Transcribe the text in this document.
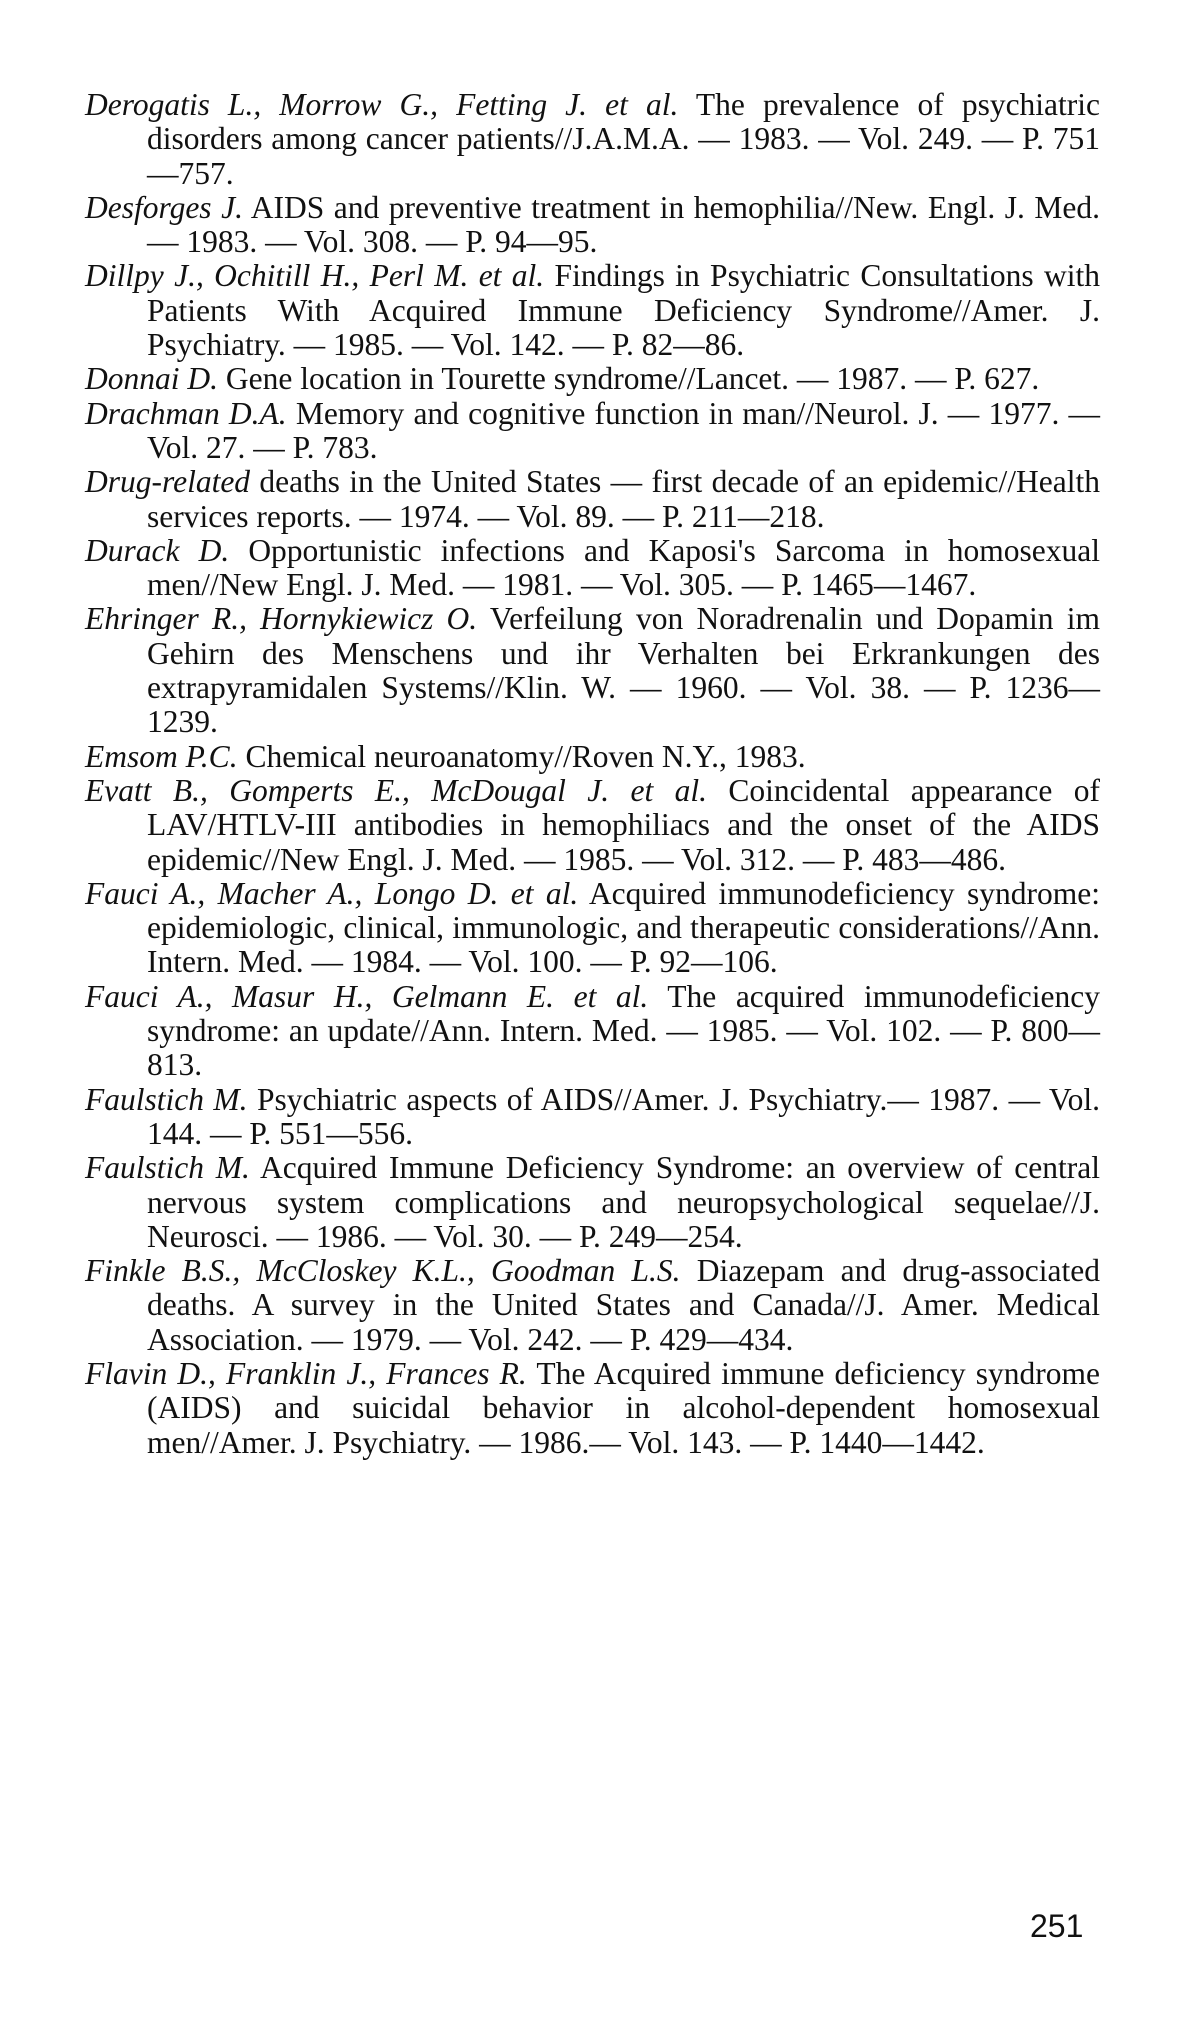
Derogatis L., Morrow G., Fetting J. et al. The prevalence of psychiatric disorders among cancer patients//J.A.M.A. — 1983. — Vol. 249. — P. 751—757.
Desforges J. AIDS and preventive treatment in hemophilia//New. Engl. J. Med. — 1983. — Vol. 308. — P. 94—95.
Dillpy J., Ochitill H., Perl M. et al. Findings in Psychiatric Consultations with Patients With Acquired Immune Deficiency Syndrome//Amer. J. Psychiatry. — 1985. — Vol. 142. — P. 82—86.
Donnai D. Gene location in Tourette syndrome//Lancet. — 1987. — P. 627.
Drachman D.A. Memory and cognitive function in man//Neurol. J. — 1977. — Vol. 27. — P. 783.
Drug-related deaths in the United States — first decade of an epidemic//Health services reports. — 1974. — Vol. 89. — P. 211—218.
Durack D. Opportunistic infections and Kaposi's Sarcoma in homosexual men//New Engl. J. Med. — 1981. — Vol. 305. — P. 1465—1467.
Ehringer R., Hornykiewicz O. Verfeilung von Noradrenalin und Dopamin im Gehirn des Menschens und ihr Verhalten bei Erkrankungen des extrapyramidalen Systems//Klin. W. — 1960. — Vol. 38. — P. 1236—1239.
Emsom P.C. Chemical neuroanatomy//Roven N.Y., 1983.
Evatt B., Gomperts E., McDougal J. et al. Coincidental appearance of LAV/HTLV-III antibodies in hemophiliacs and the onset of the AIDS epidemic//New Engl. J. Med. — 1985. — Vol. 312. — P. 483—486.
Fauci A., Macher A., Longo D. et al. Acquired immunodeficiency syndrome: epidemiologic, clinical, immunologic, and therapeutic considerations//Ann. Intern. Med. — 1984. — Vol. 100. — P. 92—106.
Fauci A., Masur H., Gelmann E. et al. The acquired immunodeficiency syndrome: an update//Ann. Intern. Med. — 1985. — Vol. 102. — P. 800—813.
Faulstich M. Psychiatric aspects of AIDS//Amer. J. Psychiatry.— 1987. — Vol. 144. — P. 551—556.
Faulstich M. Acquired Immune Deficiency Syndrome: an overview of central nervous system complications and neuropsychological sequelae//J. Neurosci. — 1986. — Vol. 30. — P. 249—254.
Finkle B.S., McCloskey K.L., Goodman L.S. Diazepam and drug-associated deaths. A survey in the United States and Canada//J. Amer. Medical Association. — 1979. — Vol. 242. — P. 429—434.
Flavin D., Franklin J., Frances R. The Acquired immune deficiency syndrome (AIDS) and suicidal behavior in alcohol-dependent homosexual men//Amer. J. Psychiatry. — 1986.— Vol. 143. — P. 1440—1442.
251
